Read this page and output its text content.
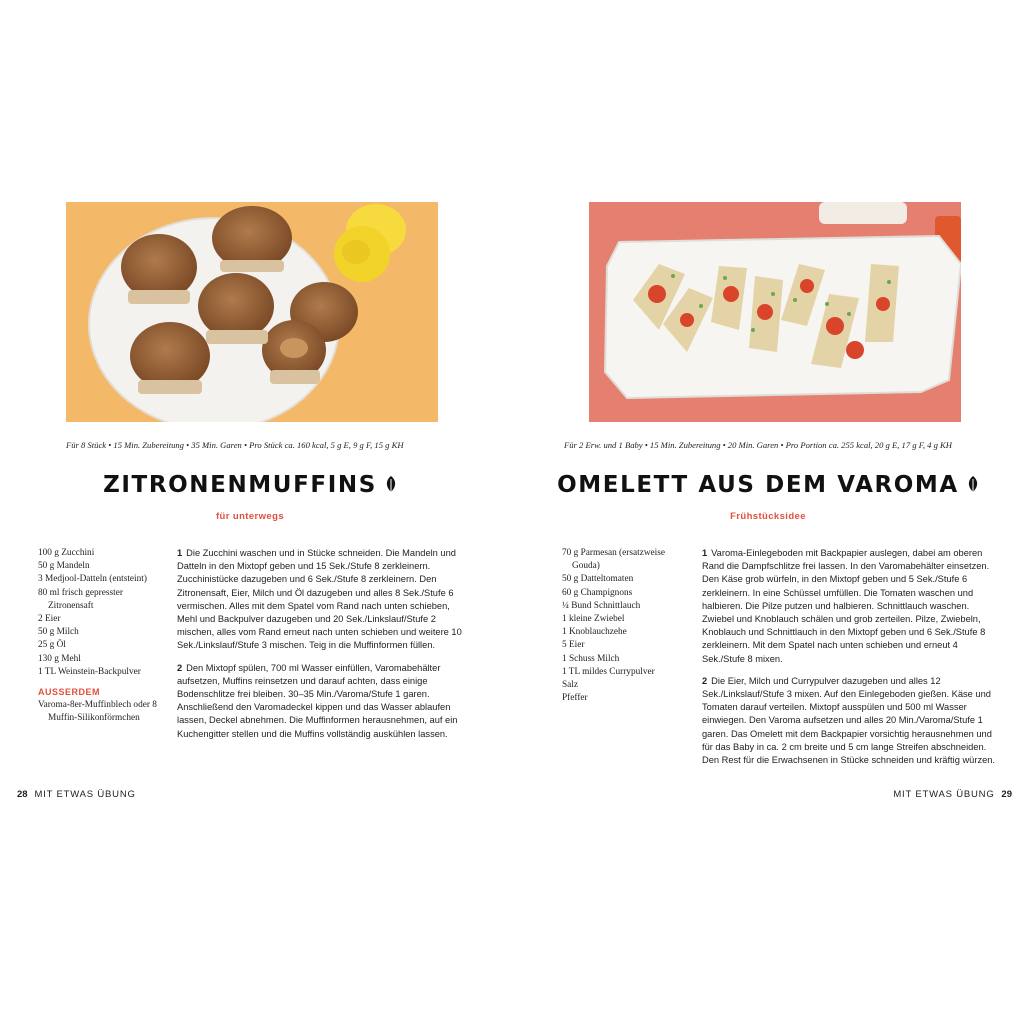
Für 8 Stück • 15 Min. Zubereitung • 35 Min. Garen • Pro Stück ca. 160 kcal, 5 g E, 9 g F, 15 g KH
ZITRONENMUFFINS
für unterwegs
100 g Zucchini
50 g Mandeln
3 Medjool-Datteln (entsteint)
80 ml frisch gepresster Zitronensaft
2 Eier
50 g Milch
25 g Öl
130 g Mehl
1 TL Weinstein-Backpulver
AUSSERDEM
Varoma-8er-Muffinblech oder 8 Muffin-Silikonförmchen
1 Die Zucchini waschen und in Stücke schneiden. Die Mandeln und Datteln in den Mixtopf geben und 15 Sek./Stufe 8 zerkleinern. Zucchinistücke dazugeben und 6 Sek./Stufe 8 zerkleinern. Den Zitronensaft, Eier, Milch und Öl dazugeben und alles 8 Sek./Stufe 6 vermischen. Alles mit dem Spatel vom Rand nach unten schieben, Mehl und Backpulver dazugeben und 20 Sek./Linkslauf/Stufe 2 mischen, alles vom Rand erneut nach unten schieben und weitere 10 Sek./Linkslauf/Stufe 3 mischen. Teig in die Muffinformen füllen.
2 Den Mixtopf spülen, 700 ml Wasser einfüllen, Varomabehälter aufsetzen, Muffins reinsetzen und darauf achten, dass einige Bodenschlitze frei bleiben. 30–35 Min./Varoma/Stufe 1 garen. Anschließend den Varomadeckel kippen und das Wasser ablaufen lassen, Deckel abnehmen. Die Muffinformen herausnehmen, auf ein Kuchengitter stellen und die Muffins vollständig auskühlen lassen.
28 MIT ETWAS ÜBUNG
Für 2 Erw. und 1 Baby • 15 Min. Zubereitung • 20 Min. Garen • Pro Portion ca. 255 kcal, 20 g E, 17 g F, 4 g KH
OMELETT AUS DEM VAROMA
Frühstücksidee
70 g Parmesan (ersatzweise Gouda)
50 g Datteltomaten
60 g Champignons
¼ Bund Schnittlauch
1 kleine Zwiebel
1 Knoblauchzehe
5 Eier
1 Schuss Milch
1 TL mildes Currypulver
Salz
Pfeffer
1 Varoma-Einlegeboden mit Backpapier auslegen, dabei am oberen Rand die Dampfschlitze frei lassen. In den Varomabehälter einsetzen. Den Käse grob würfeln, in den Mixtopf geben und 5 Sek./Stufe 6 zerkleinern. In eine Schüssel umfüllen. Die Tomaten waschen und halbieren. Die Pilze putzen und halbieren. Schnittlauch waschen. Zwiebel und Knoblauch schälen und grob zerteilen. Pilze, Zwiebeln, Knoblauch und Schnittlauch in den Mixtopf geben und 6 Sek./Stufe 8 zerkleinern. Mit dem Spatel nach unten schieben und erneut 4 Sek./Stufe 8 mixen.
2 Die Eier, Milch und Currypulver dazugeben und alles 12 Sek./Linkslauf/Stufe 3 mixen. Auf den Einlegeboden gießen. Käse und Tomaten darauf verteilen. Mixtopf ausspülen und 500 ml Wasser einwiegen. Den Varoma aufsetzen und alles 20 Min./Varoma/Stufe 1 garen. Das Omelett mit dem Backpapier vorsichtig herausnehmen und für das Baby in ca. 2 cm breite und 5 cm lange Streifen abschneiden. Den Rest für die Erwachsenen in Stücke schneiden und kräftig würzen.
MIT ETWAS ÜBUNG 29
